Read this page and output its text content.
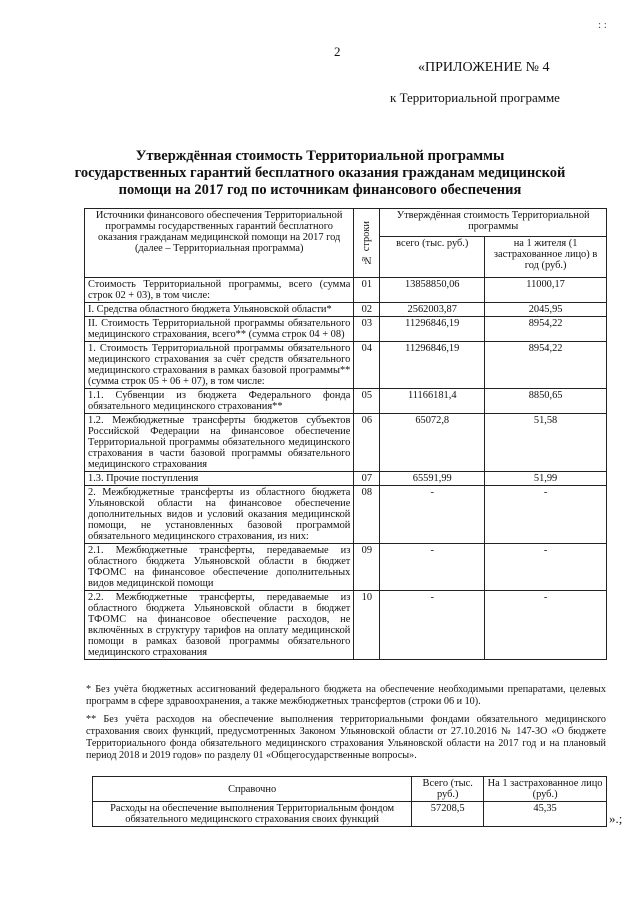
2
: :
«ПРИЛОЖЕНИЕ № 4
к Территориальной программе
Утверждённая стоимость Территориальной программы
государственных гарантий бесплатного оказания гражданам медицинской
помощи на 2017 год по источникам финансового обеспечения
Источники финансового обеспечения Территориальной программы государственных гарантий бесплатного оказания гражданам медицинской помощи на 2017 год (далее – Территориальная программа)	№ строки	Утверждённая стоимость Территориальной программы	
		всего (тыс. руб.)	на 1 жителя (1 застрахованное лицо) в год (руб.)
Стоимость Территориальной программы, всего (сумма строк 02 + 03), в том числе:	01	13858850,06	11000,17
I. Средства областного бюджета Ульяновской области*	02	2562003,87	2045,95
II. Стоимость Территориальной программы обязательного медицинского страхования, всего** (сумма строк 04 + 08)	03	11296846,19	8954,22
1. Стоимость Территориальной программы обязательного медицинского страхования за счёт средств обязательного медицинского страхования в рамках базовой программы** (сумма строк 05 + 06 + 07), в том числе:	04	11296846,19	8954,22
1.1. Субвенции из бюджета Федерального фонда обязательного медицинского страхования**	05	11166181,4	8850,65
1.2. Межбюджетные трансферты бюджетов субъектов Российской Федерации на финансовое обеспечение Территориальной программы обязательного медицинского страхования в части базовой программы обязательного медицинского страхования	06	65072,8	51,58
1.3. Прочие поступления	07	65591,99	51,99
2. Межбюджетные трансферты из областного бюджета Ульяновской области на финансовое обеспечение дополнительных видов и условий оказания медицинской помощи, не установленных базовой программой обязательного медицинского страхования, из них:	08	-	-
2.1. Межбюджетные трансферты, передаваемые из областного бюджета Ульяновской области в бюджет ТФОМС на финансовое обеспечение дополнительных видов медицинской помощи	09	-	-
2.2. Межбюджетные трансферты, передаваемые из областного бюджета Ульяновской области в бюджет ТФОМС на финансовое обеспечение расходов, не включённых в структуру тарифов на оплату медицинской помощи в рамках базовой программы обязательного медицинского страхования	10	-	-
* Без учёта бюджетных ассигнований федерального бюджета на обеспечение необходимыми препаратами, целевых программ в сфере здравоохранения, а также межбюджетных трансфертов (строки 06 и 10).
** Без учёта расходов на обеспечение выполнения территориальными фондами обязательного медицинского страхования своих функций, предусмотренных Законом Ульяновской области от 27.10.2016 № 147-ЗО «О бюджете Территориального фонда обязательного медицинского страхования Ульяновской области на 2017 год и на плановый период 2018 и 2019 годов» по разделу 01 «Общегосударственные вопросы».
Справочно	Всего (тыс. руб.)	На 1 застрахованное лицо (руб.)
Расходы на обеспечение выполнения Территориальным фондом обязательного медицинского страхования своих функций	57208,5	45,35
».;
